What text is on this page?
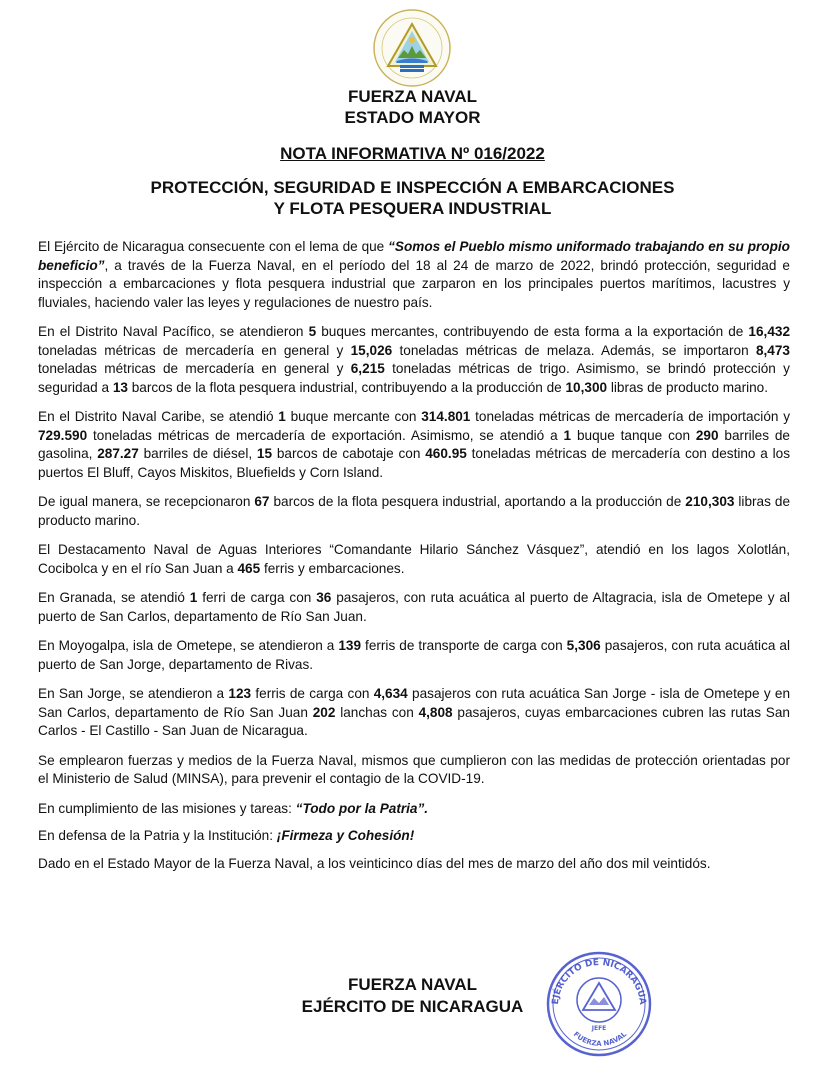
FUERZA NAVAL
ESTADO MAYOR
NOTA INFORMATIVA Nº 016/2022
PROTECCIÓN, SEGURIDAD E INSPECCIÓN A EMBARCACIONES
Y FLOTA PESQUERA INDUSTRIAL

El Ejército de Nicaragua consecuente con el lema de que “Somos el Pueblo mismo uniformado trabajando en su propio beneficio”, a través de la Fuerza Naval, en el período del 18 al 24 de marzo de 2022, brindó protección, seguridad e inspección a embarcaciones y flota pesquera industrial que zarparon en los principales puertos marítimos, lacustres y fluviales, haciendo valer las leyes y regulaciones de nuestro país.

En el Distrito Naval Pacífico, se atendieron 5 buques mercantes, contribuyendo de esta forma a la exportación de 16,432 toneladas métricas de mercadería en general y 15,026 toneladas métricas de melaza. Además, se importaron 8,473 toneladas métricas de mercadería en general y 6,215 toneladas métricas de trigo. Asimismo, se brindó protección y seguridad a 13 barcos de la flota pesquera industrial, contribuyendo a la producción de 10,300 libras de producto marino.

En el Distrito Naval Caribe, se atendió 1 buque mercante con 314.801 toneladas métricas de mercadería de importación y 729.590 toneladas métricas de mercadería de exportación. Asimismo, se atendió a 1 buque tanque con 290 barriles de gasolina, 287.27 barriles de diésel, 15 barcos de cabotaje con 460.95 toneladas métricas de mercadería con destino a los puertos El Bluff, Cayos Miskitos, Bluefields y Corn Island.

De igual manera, se recepcionaron 67 barcos de la flota pesquera industrial, aportando a la producción de 210,303 libras de producto marino.

El Destacamento Naval de Aguas Interiores “Comandante Hilario Sánchez Vásquez”, atendió en los lagos Xolotlán, Cocibolca y en el río San Juan a 465 ferris y embarcaciones.

En Granada, se atendió 1 ferri de carga con 36 pasajeros, con ruta acuática al puerto de Altagracia, isla de Ometepe y al puerto de San Carlos, departamento de Río San Juan.

En Moyogalpa, isla de Ometepe, se atendieron a 139 ferris de transporte de carga con 5,306 pasajeros, con ruta acuática al puerto de San Jorge, departamento de Rivas.

En San Jorge, se atendieron a 123 ferris de carga con 4,634 pasajeros con ruta acuática San Jorge - isla de Ometepe y en San Carlos, departamento de Río San Juan 202 lanchas con 4,808 pasajeros, cuyas embarcaciones cubren las rutas San Carlos - El Castillo - San Juan de Nicaragua.

Se emplearon fuerzas y medios de la Fuerza Naval, mismos que cumplieron con las medidas de protección orientadas por el Ministerio de Salud (MINSA), para prevenir el contagio de la COVID-19.

En cumplimiento de las misiones y tareas: “Todo por la Patria”.

En defensa de la Patria y la Institución: ¡Firmeza y Cohesión!

Dado en el Estado Mayor de la Fuerza Naval, a los veinticinco días del mes de marzo del año dos mil veintidós.

FUERZA NAVAL
EJÉRCITO DE NICARAGUA	EJÉRCITO DE NICARAGUA
JEFE
FUERZA NAVAL
